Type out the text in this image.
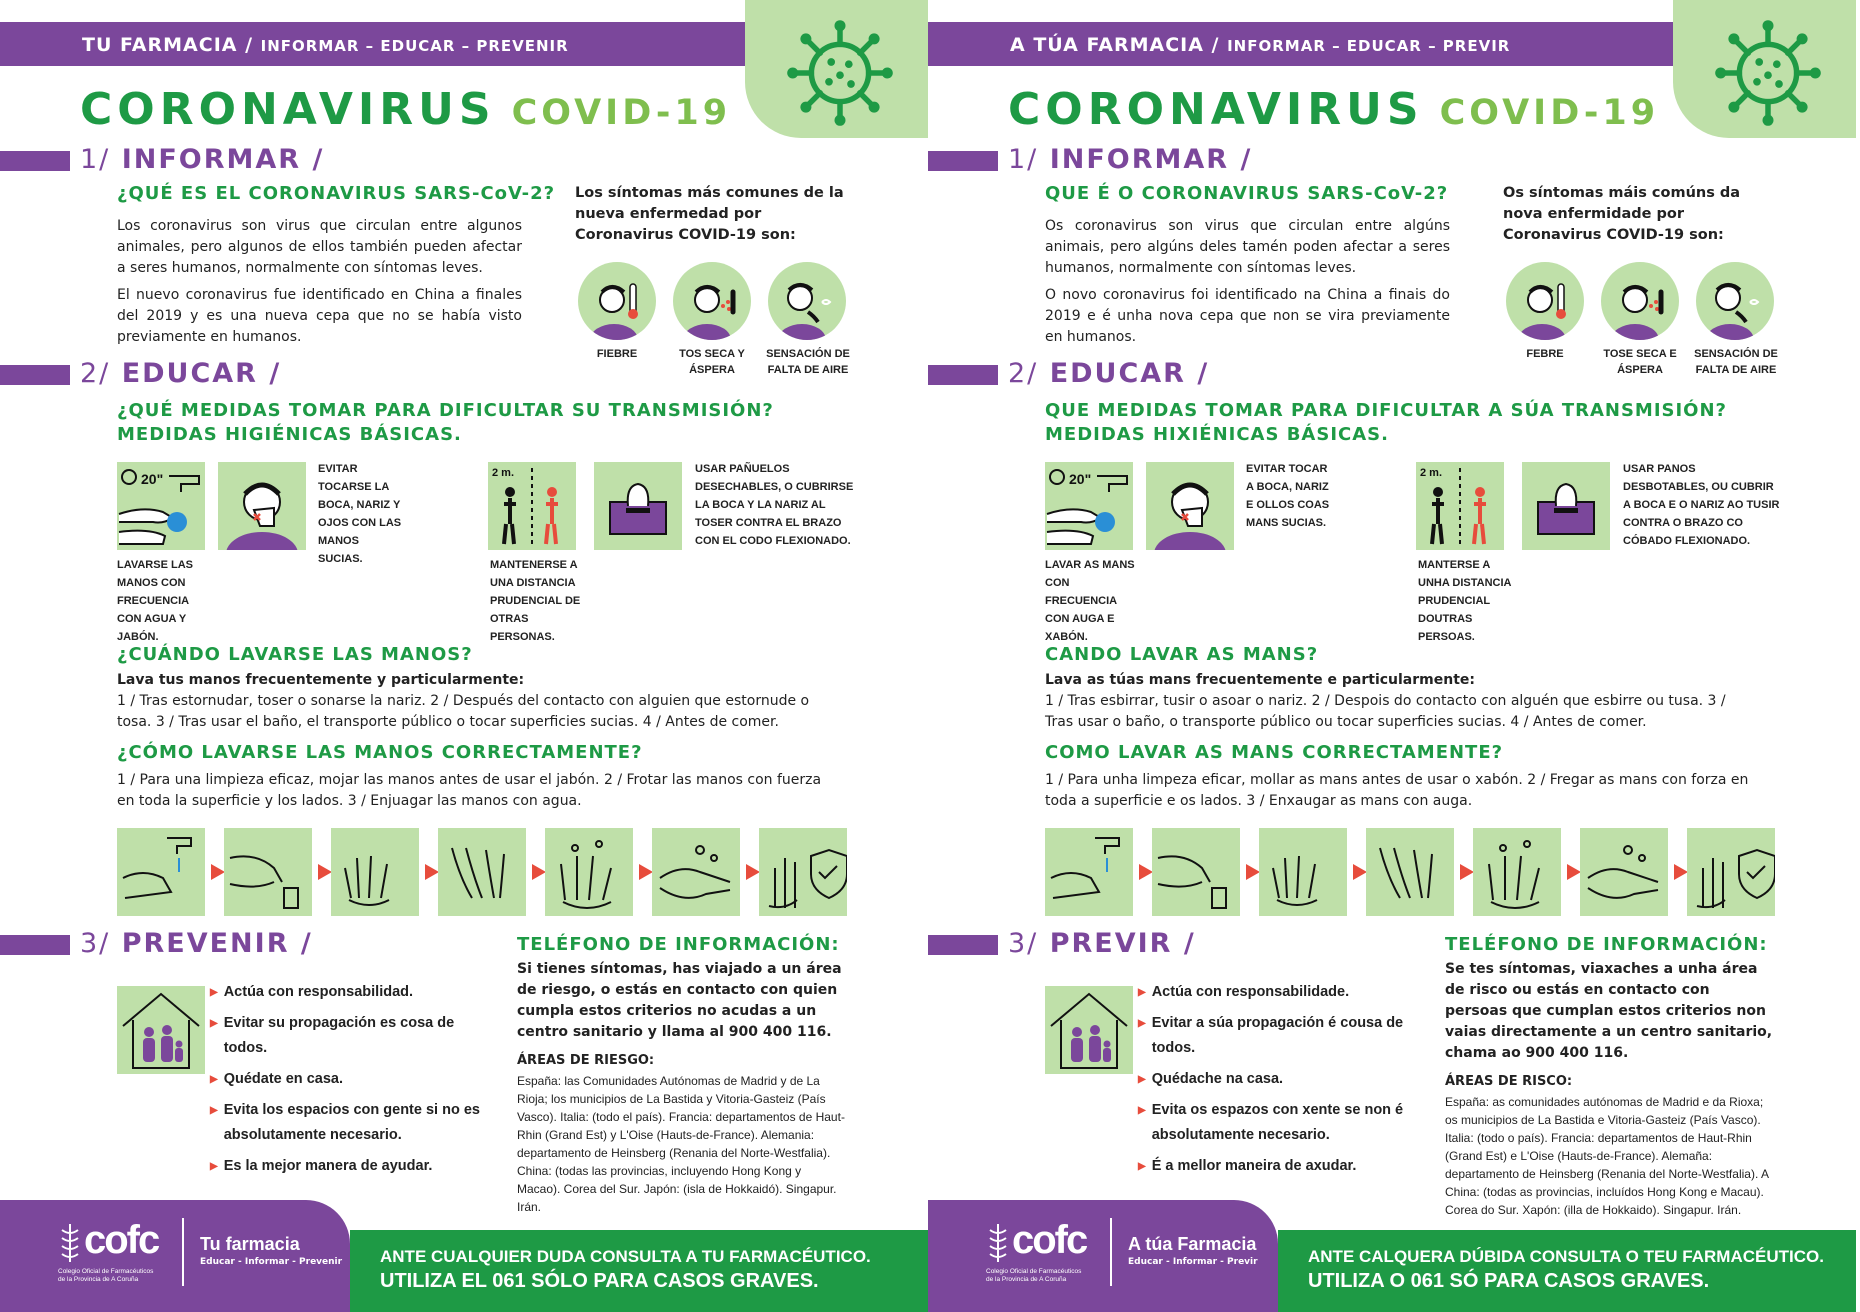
TU FARMACIA / INFORMAR – EDUCAR – PREVENIR
CORONAVIRUS COVID-19
1/ INFORMAR /
¿QUÉ ES EL CORONAVIRUS SARS-CoV-2?
Los coronavirus son virus que circulan entre algunos animales, pero algunos de ellos también pueden afectar a seres humanos, normalmente con síntomas leves.
El nuevo coronavirus fue identificado en China a finales del 2019 y es una nueva cepa que no se había visto previamente en humanos.
Los síntomas más comunes de la nueva enfermedad por Coronavirus COVID-19 son:
FIEBRE	TOS SECA Y ÁSPERA
SENSACIÓN DE FALTA DE AIRE
2/ EDUCAR /
¿QUÉ MEDIDAS TOMAR PARA DIFICULTAR SU TRANSMISIÓN?
MEDIDAS HIGIÉNICAS BÁSICAS.
20"
EVITAR TOCARSE LA BOCA, NARIZ Y OJOS CON LAS MANOS SUCIAS.
LAVARSE LAS MANOS CON FRECUENCIA CON AGUA Y JABÓN.
2 m.
MANTENERSE A UNA DISTANCIA PRUDENCIAL DE OTRAS PERSONAS.
USAR PAÑUELOS DESECHABLES, O CUBRIRSE LA BOCA Y LA NARIZ AL TOSER CONTRA EL BRAZO CON EL CODO FLEXIONADO.
¿CUÁNDO LAVARSE LAS MANOS?
Lava tus manos frecuentemente y particularmente:
1 / Tras estornudar, toser o sonarse la nariz. 2 / Después del contacto con alguien que estornude o tosa. 3 / Tras usar el baño, el transporte público o tocar superficies sucias. 4 / Antes de comer.
¿CÓMO LAVARSE LAS MANOS CORRECTAMENTE?
1 / Para una limpieza eficaz, mojar las manos antes de usar el jabón. 2 / Frotar las manos con fuerza en toda la superficie y los lados. 3 / Enjuagar las manos con agua.
3/ PREVENIR /
▶ Actúa con responsabilidad.
▶ Evitar su propagación es cosa de todos.
▶ Quédate en casa.
▶ Evita los espacios con gente si no es absolutamente necesario.
▶ Es la mejor manera de ayudar.
TELÉFONO DE INFORMACIÓN:
Si tienes síntomas, has viajado a un área de riesgo, o estás en contacto con quien cumpla estos criterios no acudas a un centro sanitario y llama al 900 400 116.
ÁREAS DE RIESGO:
España: las Comunidades Autónomas de Madrid y de La Rioja; los municipios de La Bastida y Vitoria-Gasteiz (País Vasco). Italia: (todo el país). Francia: departamentos de Haut-Rhin (Grand Est) y L'Oise (Hauts-de-France). Alemania: departamento de Heinsberg (Renania del Norte-Westfalia). China: (todas las provincias, incluyendo Hong Kong y Macao). Corea del Sur. Japón: (isla de Hokkaidó). Singapur. Irán.
cofc
Colegio Oficial de Farmacéuticos
de la Provincia de A Coruña
Tu farmacia
Educar - Informar - Prevenir ANTE CUALQUIER DUDA CONSULTA A TU FARMACÉUTICO.
UTILIZA EL 061 SÓLO PARA CASOS GRAVES.
A TÚA FARMACIA / INFORMAR – EDUCAR – PREVIR
CORONAVIRUS COVID-19
1/ INFORMAR /
QUE É O CORONAVIRUS SARS-CoV-2?
Os coronavirus son virus que circulan entre algúns animais, pero algúns deles tamén poden afectar a seres humanos, normalmente con síntomas leves.
O novo coronavirus foi identificado na China a finais do 2019 e é unha nova cepa que non se vira previamente en humanos.
Os síntomas máis comúns da nova enfermidade por Coronavirus COVID-19 son:
FEBRE	TOSE SECA E ÁSPERA
SENSACIÓN DE FALTA DE AIRE
2/ EDUCAR /
QUE MEDIDAS TOMAR PARA DIFICULTAR A SÚA TRANSMISIÓN?
MEDIDAS HIXIÉNICAS BÁSICAS.
20"
EVITAR TOCAR A BOCA, NARIZ E OLLOS COAS MANS SUCIAS.
LAVAR AS MANS CON FRECUENCIA CON AUGA E XABÓN.
2 m.
MANTERSE A UNHA DISTANCIA PRUDENCIAL DOUTRAS PERSOAS.
USAR PANOS DESBOTABLES, OU CUBRIR A BOCA E O NARIZ AO TUSIR CONTRA O BRAZO CO CÓBADO FLEXIONADO.
CANDO LAVAR AS MANS?
Lava as túas mans frecuentemente e particularmente:
1 / Tras esbirrar, tusir o asoar o nariz. 2 / Despois do contacto con alguén que esbirre ou tusa. 3 / Tras usar o baño, o transporte público ou tocar superficies sucias. 4 / Antes de comer.
COMO LAVAR AS MANS CORRECTAMENTE?
1 / Para unha limpeza eficar, mollar as mans antes de usar o xabón. 2 / Fregar as mans con forza en toda a superficie e os lados. 3 / Enxaugar as mans con auga.
3/ PREVIR /
▶ Actúa con responsabilidade.
▶ Evitar a súa propagación é cousa de todos.
▶ Quédache na casa.
▶ Evita os espazos con xente se non é absolutamente necesario.
▶ É a mellor maneira de axudar.
TELÉFONO DE INFORMACIÓN:
Se tes síntomas, viaxaches a unha área de risco ou estás en contacto con persoas que cumplan estos criterios non vaias directamente a un centro sanitario, chama ao 900 400 116.
ÁREAS DE RISCO:
España: as comunidades autónomas de Madrid e da Rioxa; os municipios de La Bastida e Vitoria-Gasteiz (País Vasco). Italia: (todo o país). Francia: departamentos de Haut-Rhin (Grand Est) e L'Oise (Hauts-de-France). Alemaña: departamento de Heinsberg (Renania del Norte-Westfalia). A China: (todas as provincias, incluídos Hong Kong e Macau). Corea do Sur. Xapón: (illa de Hokkaido). Singapur. Irán.
cofc
Colegio Oficial de Farmacéuticos
de la Provincia de A Coruña
A túa Farmacia
Educar - Informar - Previr	ANTE CALQUERA DÚBIDA CONSULTA O TEU FARMACÉUTICO.
UTILIZA O 061 SÓ PARA CASOS GRAVES.
